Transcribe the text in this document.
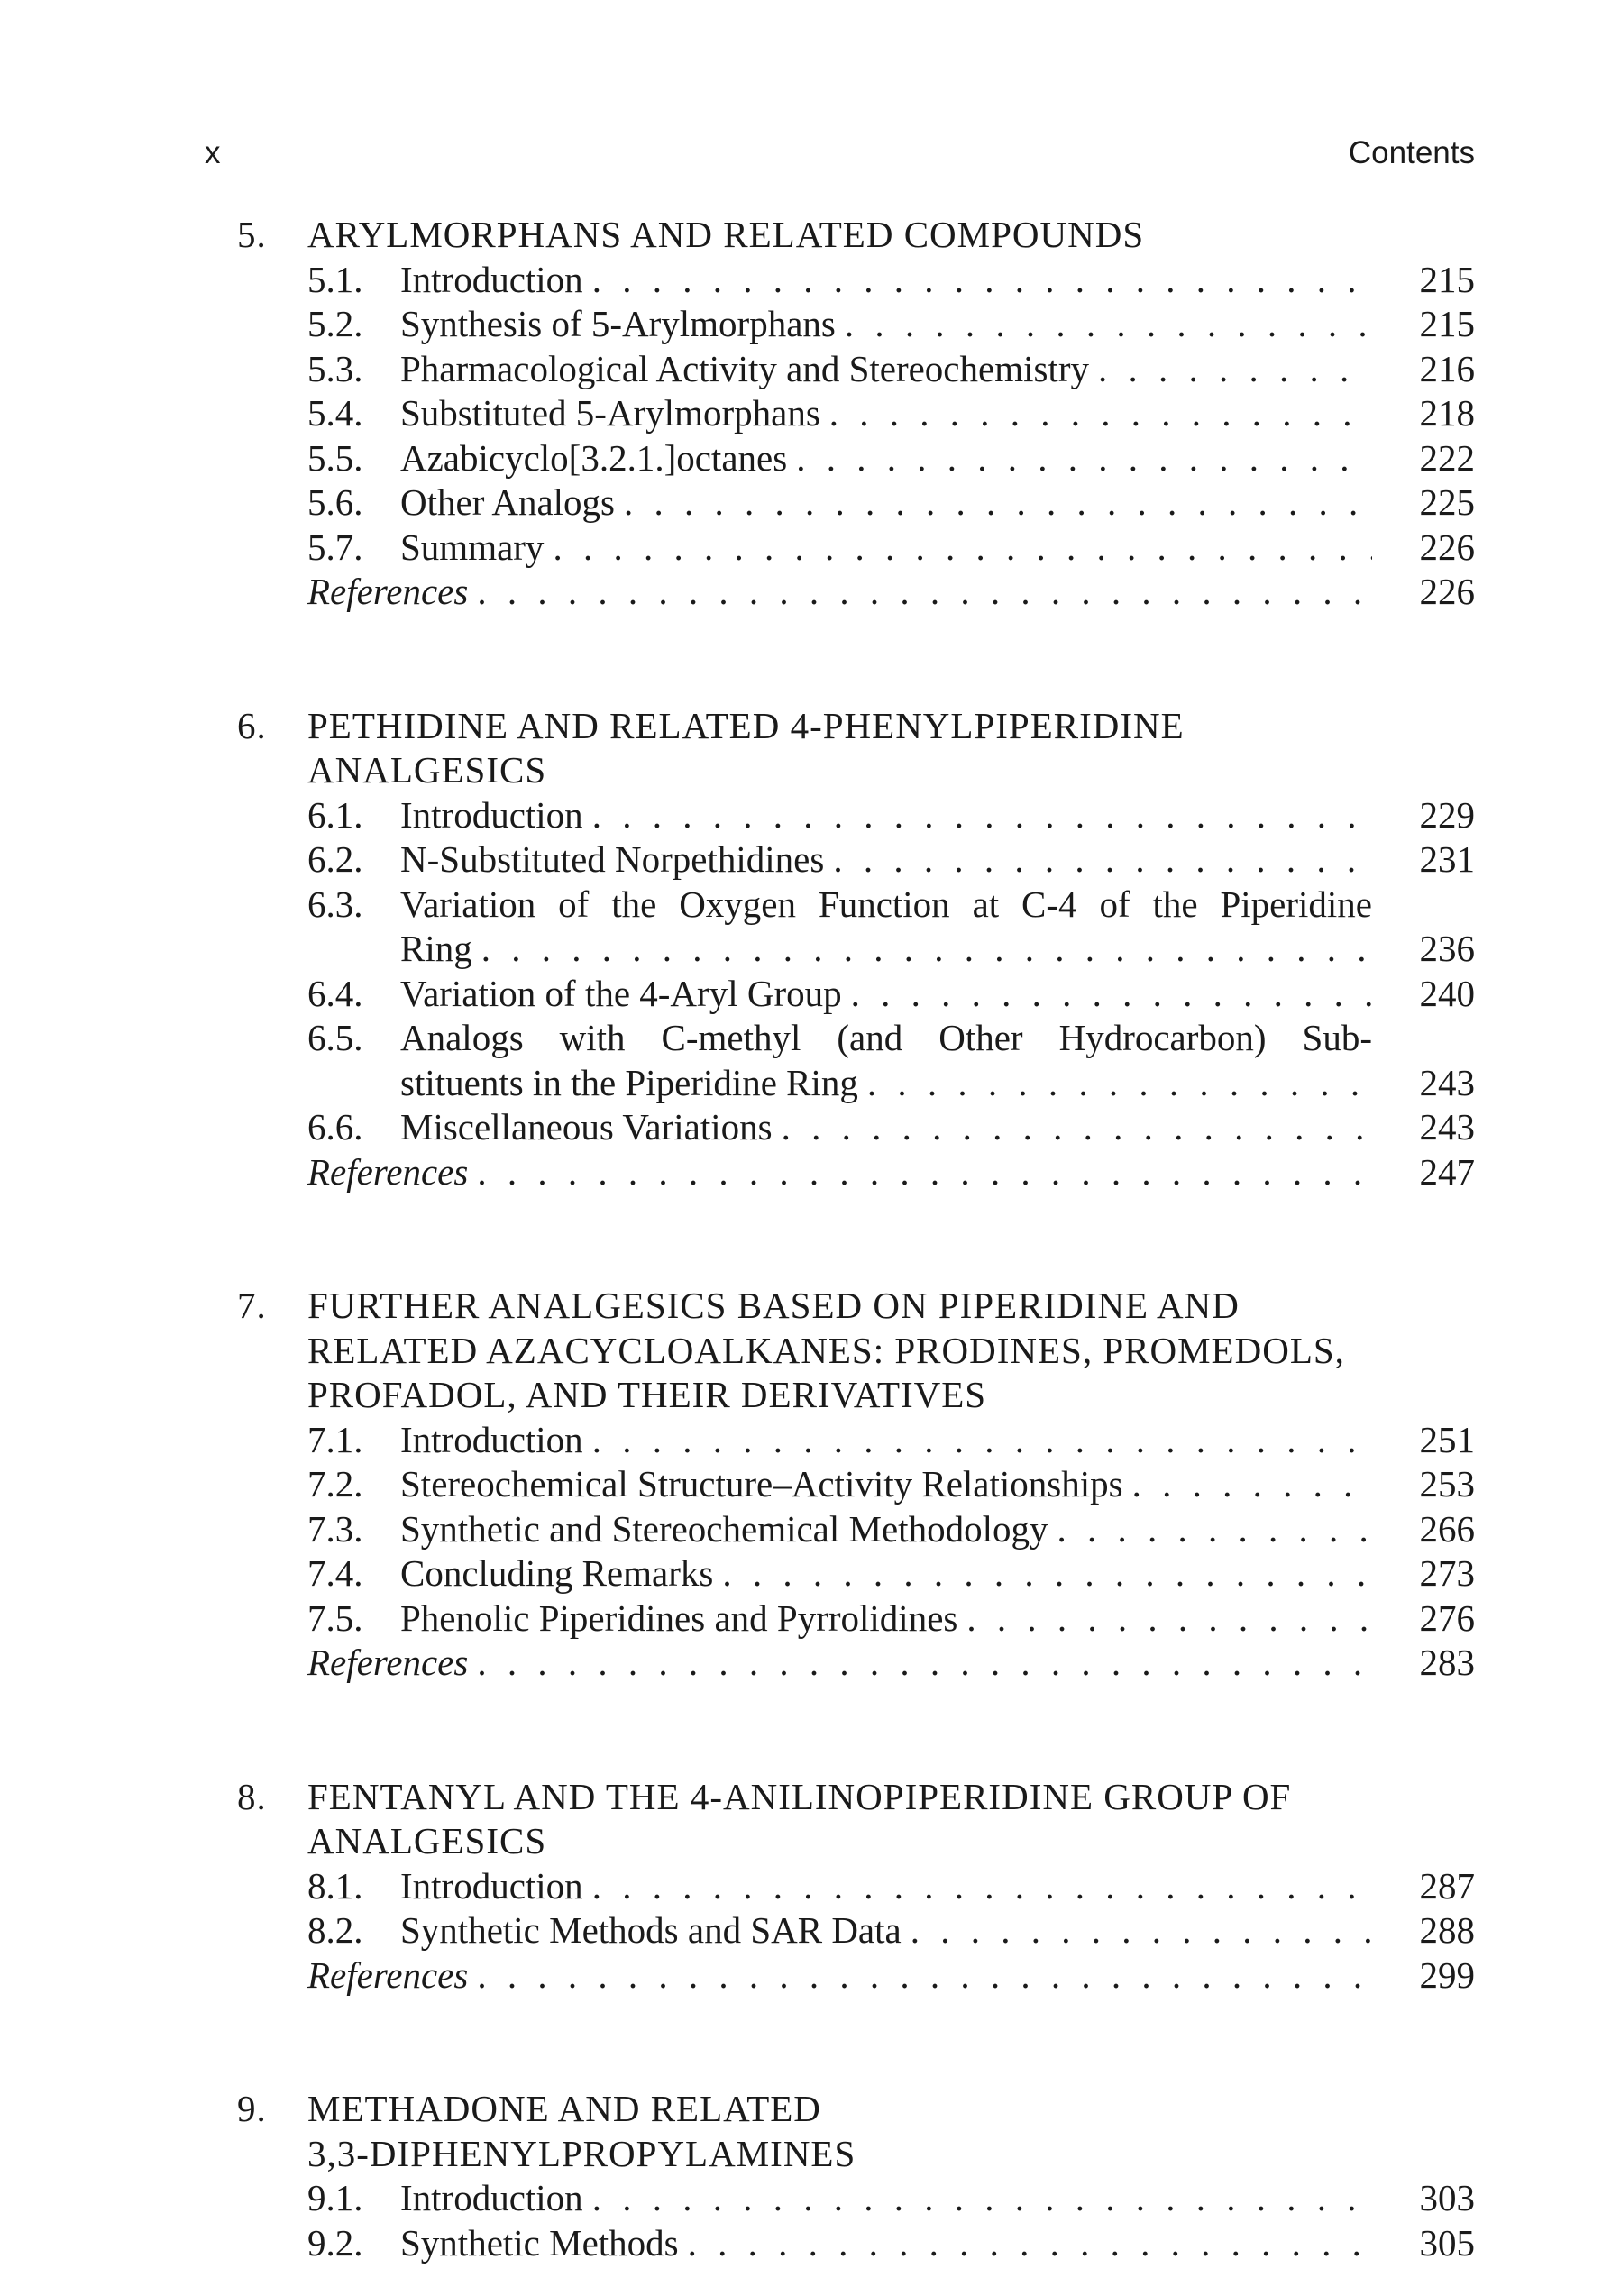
x	Contents
5. ARYLMORPHANS AND RELATED COMPOUNDS
5.1. Introduction . . .	215
5.2. Synthesis of 5-Arylmorphans . . .	215
5.3. Pharmacological Activity and Stereochemistry . . .	216
5.4. Substituted 5-Arylmorphans . . .	218
5.5. Azabicyclo[3.2.1.]octanes . . .	222
5.6. Other Analogs . . .	225
5.7. Summary . . .	226
References . . .	226
6. PETHIDINE AND RELATED 4-PHENYLPIPERIDINE
ANALGESICS
6.1. Introduction . . .	229
6.2. N-Substituted Norpethidines . . .	231
6.3. Variation of the Oxygen Function at C-4 of the Piperidine
Ring . . .	236
6.4. Variation of the 4-Aryl Group . . .	240
6.5. Analogs with C-methyl (and Other Hydrocarbon) Sub-
stituents in the Piperidine Ring . . .	243
6.6. Miscellaneous Variations . . .	243
References . . .	247
7. FURTHER ANALGESICS BASED ON PIPERIDINE AND
RELATED AZACYCLOALKANES: PRODINES, PROMEDOLS,
PROFADOL, AND THEIR DERIVATIVES
7.1. Introduction . . .	251
7.2. Stereochemical Structure–Activity Relationships . . .	253
7.3. Synthetic and Stereochemical Methodology . . .	266
7.4. Concluding Remarks . . .	273
7.5. Phenolic Piperidines and Pyrrolidines . . .	276
References . . .	283
8. FENTANYL AND THE 4-ANILINOPIPERIDINE GROUP OF
ANALGESICS
8.1. Introduction . . .	287
8.2. Synthetic Methods and SAR Data . . .	288
References . . .	299
9. METHADONE AND RELATED
3,3-DIPHENYLPROPYLAMINES
9.1. Introduction . . .	303
9.2. Synthetic Methods . . .	305
